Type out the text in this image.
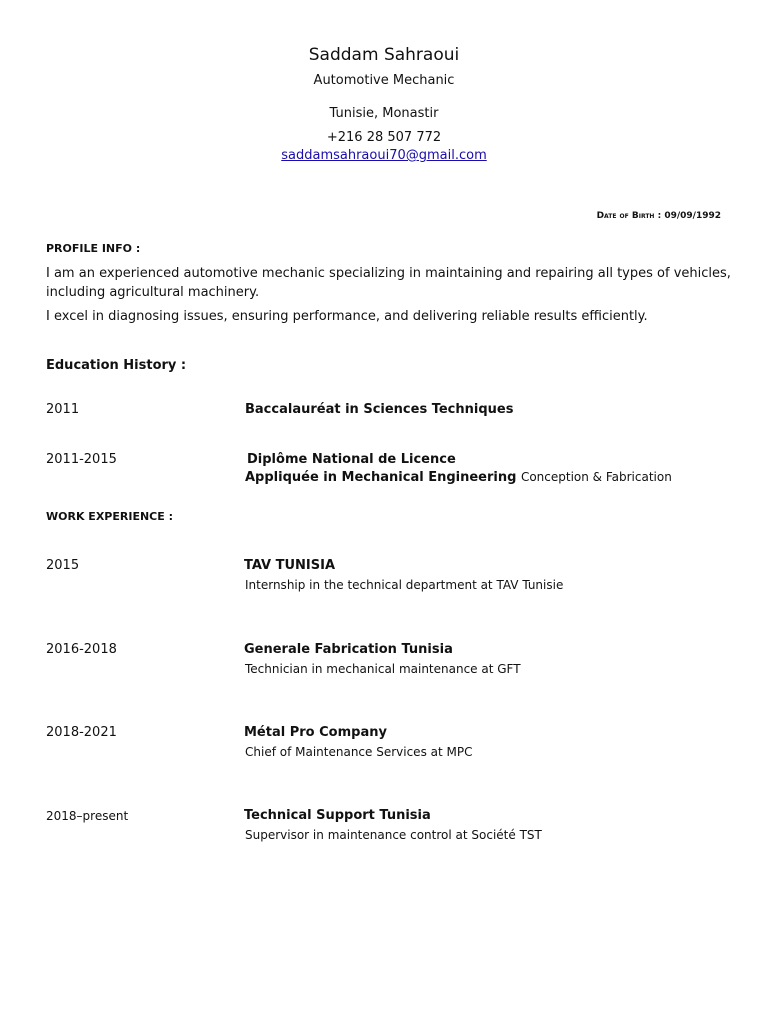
Saddam Sahraoui
Automotive Mechanic
Tunisie, Monastir
+216 28 507 772
saddamsahraoui70@gmail.com
Date of Birth : 09/09/1992
PROFILE INFO :
I am an experienced automotive mechanic specializing in maintaining and repairing all types of vehicles, including agricultural machinery.
I excel in diagnosing issues, ensuring performance, and delivering reliable results efficiently.
Education History :
2011	Baccalauréat in Sciences Techniques
2011-2015	Diplôme National de Licence
Appliquée in Mechanical Engineering Conception & Fabrication
WORK EXPERIENCE :
2015	TAV TUNISIA
Internship in the technical department at TAV Tunisie
2016-2018	Generale Fabrication Tunisia
Technician in mechanical maintenance at GFT
2018-2021	Métal Pro Company
Chief of Maintenance Services at MPC
2018–present	Technical Support Tunisia
Supervisor in maintenance control at Société TST
